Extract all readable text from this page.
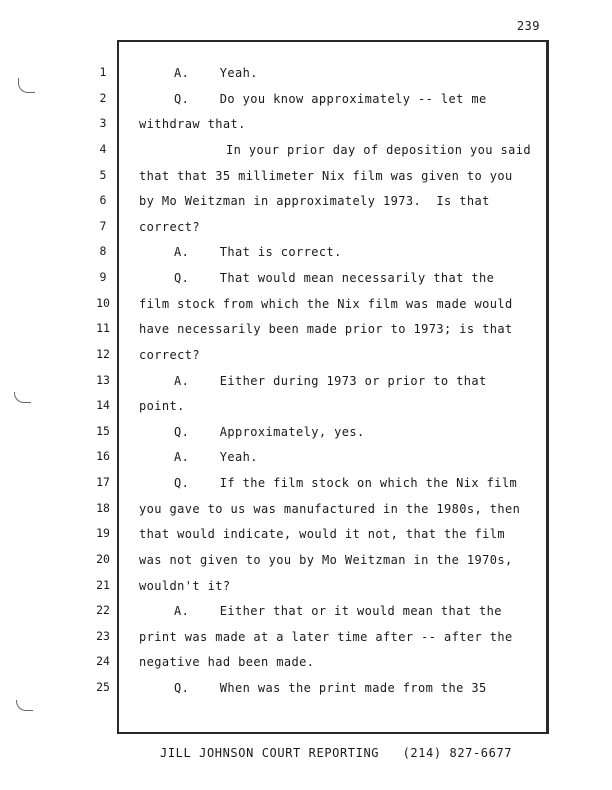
239
1	A.    Yeah.
2	Q.    Do you know approximately -- let me
3	withdraw that.
4	In your prior day of deposition you said
5	that that 35 millimeter Nix film was given to you
6	by Mo Weitzman in approximately 1973.  Is that
7	correct?
8	A.    That is correct.
9	Q.    That would mean necessarily that the
10	film stock from which the Nix film was made would
11	have necessarily been made prior to 1973; is that
12	correct?
13	A.    Either during 1973 or prior to that
14	point.
15	Q.    Approximately, yes.
16	A.    Yeah.
17	Q.    If the film stock on which the Nix film
18	you gave to us was manufactured in the 1980s, then
19	that would indicate, would it not, that the film
20	was not given to you by Mo Weitzman in the 1970s,
21	wouldn't it?
22	A.    Either that or it would mean that the
23	print was made at a later time after -- after the
24	negative had been made.
25	Q.    When was the print made from the 35
JILL JOHNSON COURT REPORTING   (214) 827-6677
